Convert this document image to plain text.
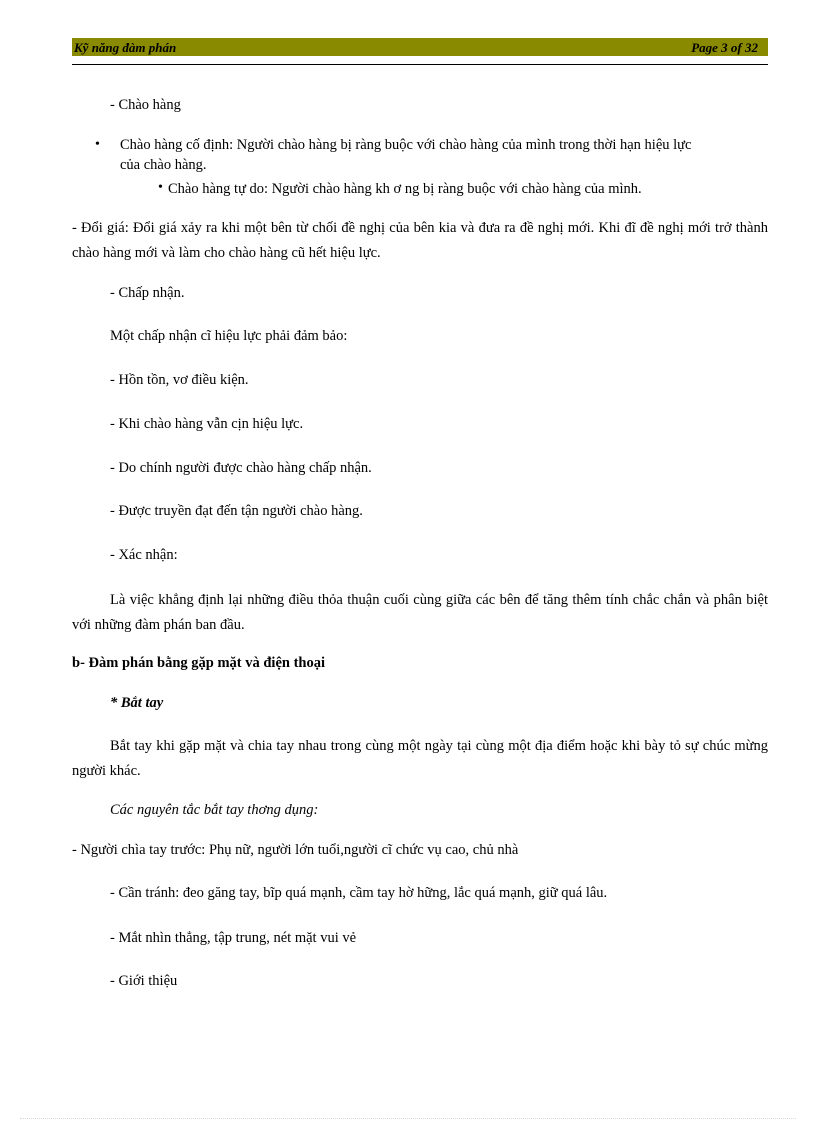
Kỹ năng đàm phán	Page 3 of 32
- Chào hàng
• Chào hàng cố định: Người chào hàng bị ràng buộc với chào hàng của mình trong thời hạn hiệu lực
của chào hàng.
• Chào hàng tự do: Người chào hàng kh ơ ng bị ràng buộc với chào hàng của mình.
- Đổi giá: Đổi giá xảy ra khi một bên từ chối đề nghị của bên kia và đưa ra đề nghị mới. Khi đĩ đề nghị mới trở thành chào hàng mới và làm cho chào hàng cũ hết hiệu lực.
- Chấp nhận.
Một chấp nhận cĩ hiệu lực phải đảm bảo:
- Hồn tồn, vơ điều kiện.
- Khi chào hàng vẫn cịn hiệu lực.
- Do chính người được chào hàng chấp nhận.
- Được truyền đạt đến tận người chào hàng.
- Xác nhận:
Là việc khẳng định lại những điều thỏa thuận cuối cùng giữa các bên để tăng thêm tính chắc chắn và phân biệt với những đàm phán ban đầu.
b- Đàm phán bằng gặp mặt và điện thoại
* Bắt tay
Bắt tay khi gặp mặt và chia tay nhau trong cùng một ngày tại cùng một địa điểm hoặc khi bày tỏ sự chúc mừng người khác.
Các nguyên tắc bắt tay thơng dụng:
- Người chìa tay trước: Phụ nữ, người lớn tuổi,người cĩ chức vụ cao, chủ nhà
- Cần tránh: đeo găng tay, bĩp quá mạnh, cầm tay hờ hững, lắc quá mạnh, giữ quá lâu.
- Mắt nhìn thẳng, tập trung, nét mặt vui vẻ
- Giới thiệu
